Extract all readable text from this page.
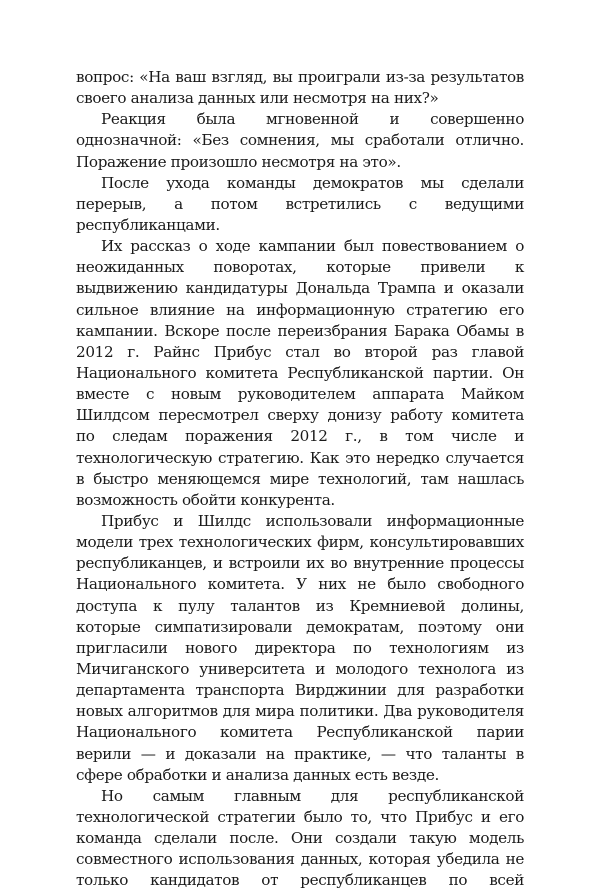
вопрос: «На ваш взгляд, вы проиграли из-за результатов своего анализа данных или несмотря на них?»

Реакция была мгновенной и совершенно однозначной: «Без сомнения, мы сработали отлично. Поражение произошло несмотря на это».

После ухода команды демократов мы сделали перерыв, а потом встретились с ведущими республиканцами.

Их рассказ о ходе кампании был повествованием о неожиданных поворотах, которые привели к выдвижению кандидатуры Дональда Трампа и оказали сильное влияние на информационную стратегию его кампании. Вскоре после переизбрания Барака Обамы в 2012 г. Райнс Прибус стал во второй раз главой Национального комитета Республиканской партии. Он вместе с новым руководителем аппарата Майком Шилдсом пересмотрел сверху донизу работу комитета по следам поражения 2012 г., в том числе и технологическую стратегию. Как это нередко случается в быстро меняющемся мире технологий, там нашлась возможность обойти конкурента.

Прибус и Шилдс использовали информационные модели трех технологических фирм, консультировавших республиканцев, и встроили их во внутренние процессы Национального комитета. У них не было свободного доступа к пулу талантов из Кремниевой долины, которые симпатизировали демократам, поэтому они пригласили нового директора по технологиям из Мичиганского университета и молодого технолога из департамента транспорта Вирджинии для разработки новых алгоритмов для мира политики. Два руководителя Национального комитета Республиканской парии верили — и доказали на практике, — что таланты в сфере обработки и анализа данных есть везде.

Но самым главным для республиканской технологической стратегии было то, что Прибус и его команда сделали после. Они создали такую модель совместного использования данных, которая убедила не только кандидатов от республиканцев по всей
